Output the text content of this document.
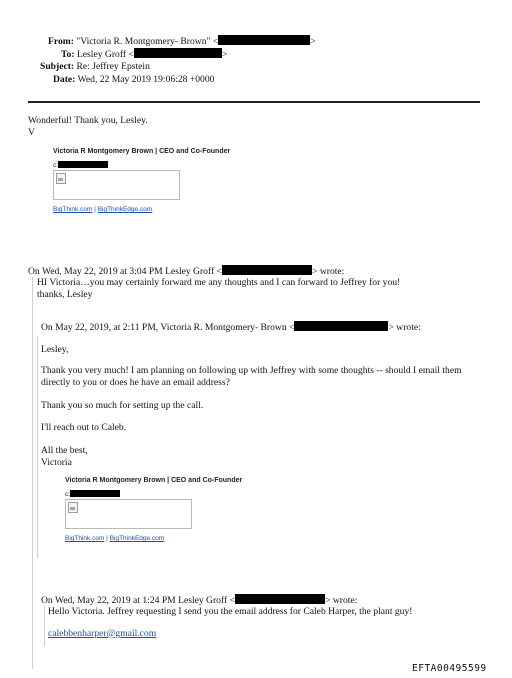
From: "Victoria R. Montgomery- Brown" <	>
To: Lesley Groff <	>
Subject: Re: Jeffrey Epstein
Date: Wed, 22 May 2019 19:06:28 +0000
Wonderful! Thank you, Lesley.
V
Victoria R Montgomery Brown | CEO and Co-Founder
c:
BigThink.com | BigThinkEdge.com
On Wed, May 22, 2019 at 3:04 PM Lesley Groff <	> wrote:
HI Victoria…you may certainly forward me any thoughts and I can forward to Jeffrey for you!
thanks, Lesley
On May 22, 2019, at 2:11 PM, Victoria R. Montgomery- Brown <	> wrote:
Lesley,
Thank you very much! I am planning on following up with Jeffrey with some thoughts -- should I email them
directly to you or does he have an email address?
Thank you so much for setting up the call.
I'll reach out to Caleb.
All the best,
Victoria
Victoria R Montgomery Brown | CEO and Co-Founder
c:
BigThink.com | BigThinkEdge.com
On Wed, May 22, 2019 at 1:24 PM Lesley Groff <	> wrote:
Hello Victoria. Jeffrey requesting I send you the email address for Caleb Harper, the plant guy!
calebbenharper@gmail.com
EFTA00495599
